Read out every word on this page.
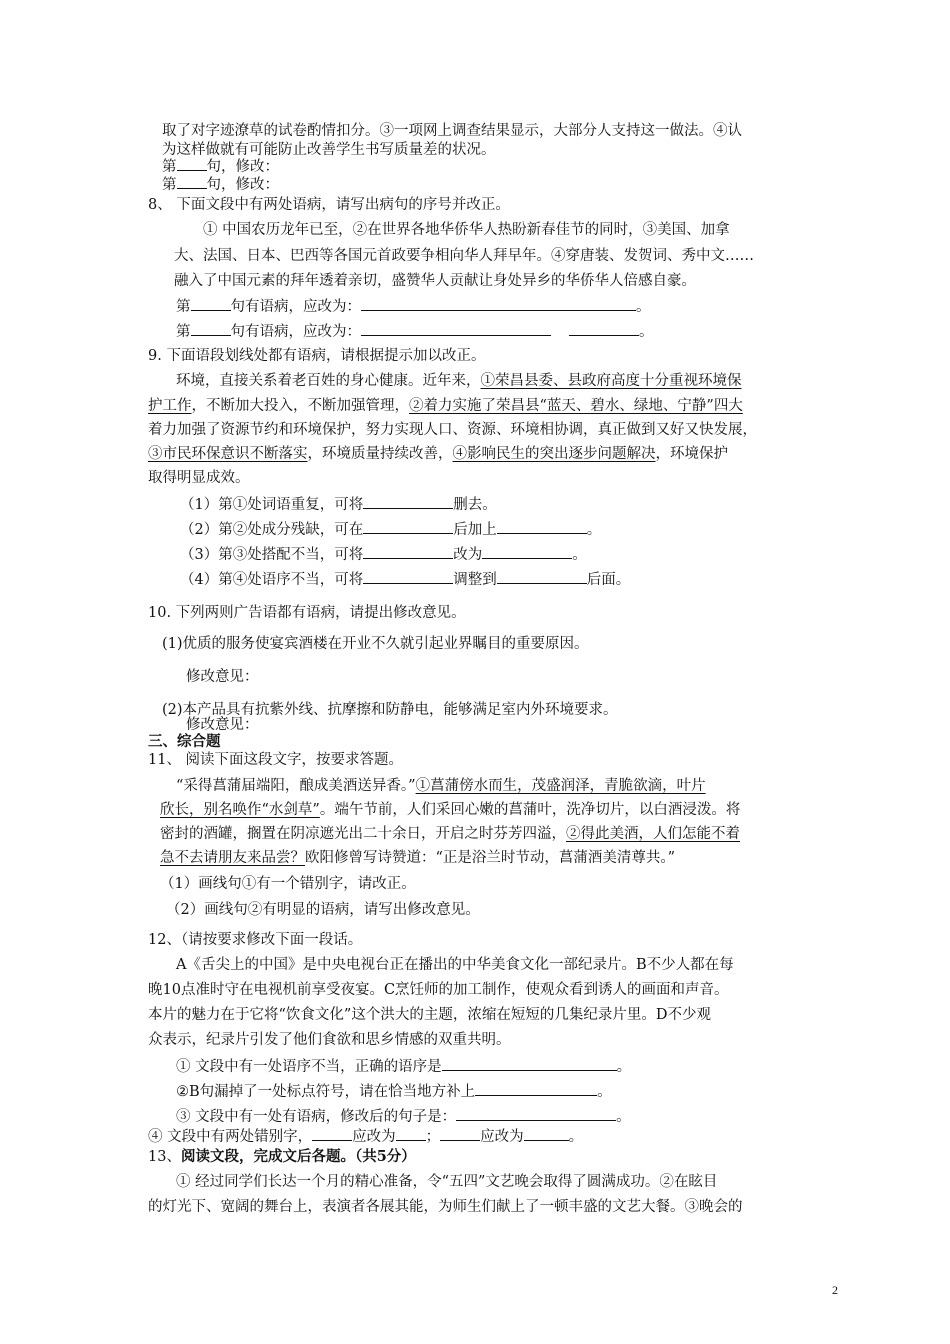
取了对字迹潦草的试卷酌情扣分。③一项网上调查结果显示，大部分人支持这一做法。④认
为这样做就有可能防止改善学生书写质量差的状况。
第 句，修改：
第 句，修改：
8、 下面文段中有两处语病，请写出病句的序号并改正。
① 中国农历龙年已至，②在世界各地华侨华人热盼新春佳节的同时，③美国、加拿
大、法国、日本、巴西等各国元首政要争相向华人拜早年。④穿唐装、发贺词、秀中文……
融入了中国元素的拜年透着亲切，盛赞华人贡献让身处异乡的华侨华人倍感自豪。
第	句有语病，应改为：	。
第	句有语病，应改为：	。
9. 下面语段划线处都有语病，请根据提示加以改正。
环境，直接关系着老百姓的身心健康。近年来，①荣昌县委、县政府高度十分重视环境保
护工作，不断加大投入，不断加强管理，②着力实施了荣昌县“蓝天、碧水、绿地、宁静”四大
着力加强了资源节约和环境保护，努力实现人口、资源、环境相协调，真正做到又好又快发展，
③市民环保意识不断落实，环境质量持续改善，④影响民生的突出逐步问题解决，环境保护
取得明显成效。
（1）第①处词语重复，可将	删去。
（2）第②处成分残缺，可在	后加上	。
（3）第③处搭配不当，可将	改为	。
（4）第④处语序不当，可将	调整到	后面。
10. 下列两则广告语都有语病，请提出修改意见。
(1)优质的服务使宴宾酒楼在开业不久就引起业界瞩目的重要原因。
修改意见：
(2)本产品具有抗紫外线、抗摩擦和防静电，能够满足室内外环境要求。
修改意见：
三、综合题
11、 阅读下面这段文字，按要求答题。
“采得菖蒲届端阳，酿成美酒送异香。”①菖蒲傍水而生，茂盛润泽，青脆欲滴，叶片
欣长，别名唤作“水剑草”。端午节前，人们采回心嫩的菖蒲叶，洗净切片，以白酒浸泼。将
密封的酒罐，搁置在阴凉遮光出二十余日，开启之时芬芳四溢，②得此美酒，人们怎能不着
急不去请朋友来品尝？欧阳修曾写诗赞道：“正是浴兰时节动，菖蒲酒美清尊共。”
（1）画线句①有一个错别字，请改正。
（2）画线句②有明显的语病，请写出修改意见。
12、（请按要求修改下面一段话。
A《舌尖上的中国》是中央电视台正在播出的中华美食文化一部纪录片。B不少人都在每
晚10点准时守在电视机前享受夜宴。C烹饪师的加工制作，使观众看到诱人的画面和声音。
本片的魅力在于它将“饮食文化”这个洪大的主题，浓缩在短短的几集纪录片里。D不少观
众表示，纪录片引发了他们食欲和思乡情感的双重共明。
① 文段中有一处语序不当，正确的语序是	。
②B句漏掉了一处标点符号，请在恰当地方补上	。
③ 文段中有一处有语病，修改后的句子是：	。
④ 文段中有两处错别字，	应改为 ；	应改为	。
13、阅读文段，完成文后各题。（共5分）
① 经过同学们长达一个月的精心准备，令“五四”文艺晚会取得了圆满成功。②在眩目
的灯光下、宽阔的舞台上，表演者各展其能，为师生们献上了一顿丰盛的文艺大餐。③晚会的
2
